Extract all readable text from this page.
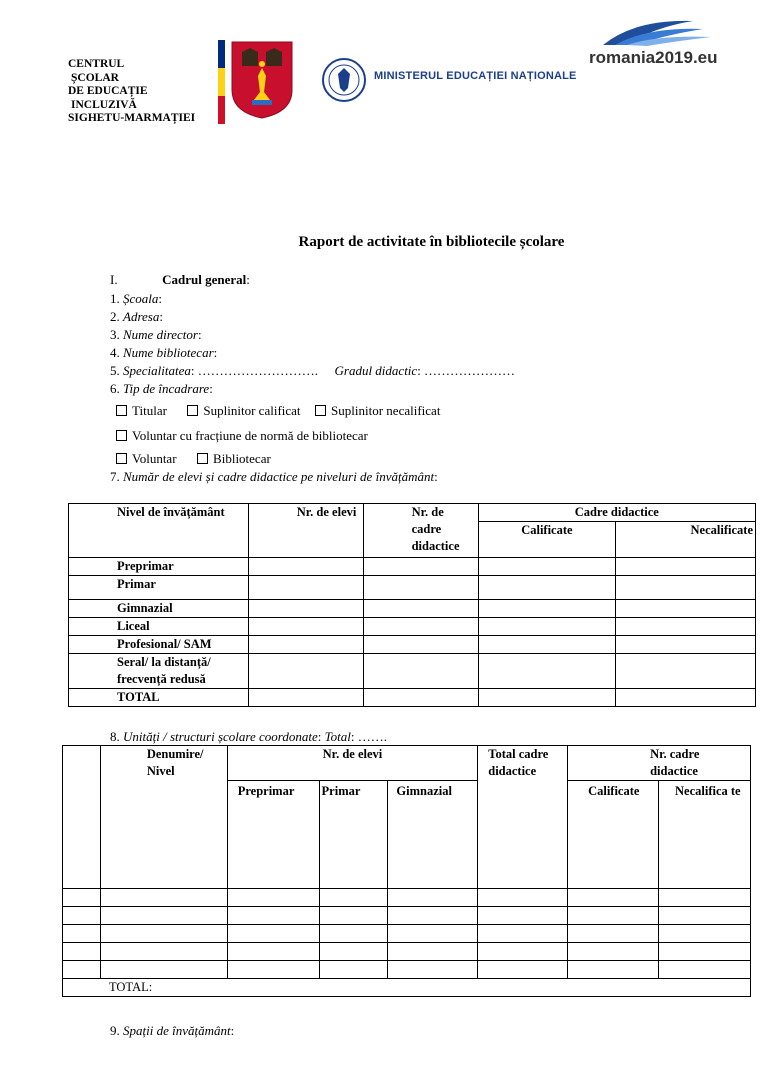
CENTRUL
ȘCOLAR
DE EDUCAȚIE
INCLUZIVĂ
SIGHETU-MARMAȚIEI
MINISTERUL EDUCAȚIEI NAȚIONALE
romania2019.eu
Raport de activitate în bibliotecile școlare
I.	Cadrul general:
1. Școala:
2. Adresa:
3. Nume director:
4. Nume bibliotecar:
5. Specialitatea: ………………………. Gradul didactic: …………………
6. Tip de încadrare:
Titular	Suplinitor calificat Suplinitor necalificat
Voluntar cu fracțiune de normă de bibliotecar
Voluntar	Bibliotecar
7. Număr de elevi și cadre didactice pe niveluri de învățământ:
Nivel de învățământ	Nr. de elevi	Nr. de cadre didactice	Cadre didactice	
			Calificate	Necalificate
Preprimar				
Primar				
Gimnazial				
Liceal				
Profesional/ SAM				
Seral/ la distanță/ frecvență redusă				
TOTAL				
8. Unități / structuri școlare coordonate: Total: …….
	Denumire/ Nivel	Nr. de elevi			Total cadre didactice	Nr. cadre didactice	
		Preprimar	Primar	Gimnazial		Calificate	Necalifica te

TOTAL:							
9. Spații de învățământ:
